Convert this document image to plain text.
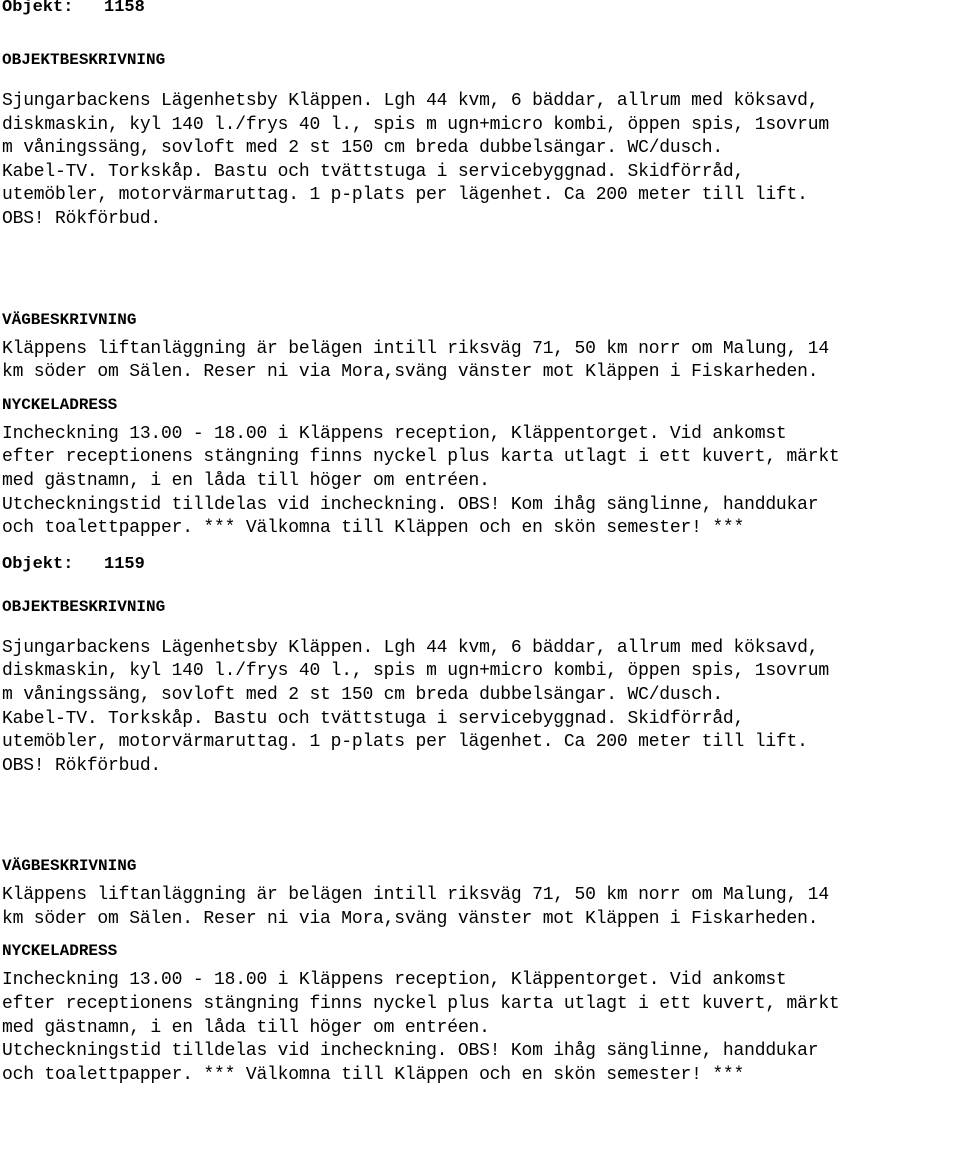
Objekt: 1158
OBJEKTBESKRIVNING
Sjungarbackens Lägenhetsby Kläppen. Lgh 44 kvm, 6 bäddar, allrum med köksavd,
diskmaskin, kyl 140 l./frys 40 l., spis m ugn+micro kombi, öppen spis, 1sovrum
m våningssäng, sovloft med 2 st 150 cm breda dubbelsängar. WC/dusch.
Kabel-TV. Torkskåp. Bastu och tvättstuga i servicebyggnad. Skidförråd,
utemöbler, motorvärmaruttag. 1 p-plats per lägenhet. Ca 200 meter till lift.
OBS! Rökförbud.
VÄGBESKRIVNING
Kläppens liftanläggning är belägen intill riksväg 71, 50 km norr om Malung, 14
km söder om Sälen. Reser ni via Mora,sväng vänster mot Kläppen i Fiskarheden.
NYCKELADRESS
Incheckning 13.00 - 18.00 i Kläppens reception, Kläppentorget. Vid ankomst
efter receptionens stängning finns nyckel plus karta utlagt i ett kuvert, märkt
med gästnamn, i en låda till höger om entréen.
Utcheckningstid tilldelas vid incheckning. OBS! Kom ihåg sänglinne, handdukar
och toalettpapper. *** Välkomna till Kläppen och en skön semester! ***
Objekt: 1159
OBJEKTBESKRIVNING
Sjungarbackens Lägenhetsby Kläppen. Lgh 44 kvm, 6 bäddar, allrum med köksavd,
diskmaskin, kyl 140 l./frys 40 l., spis m ugn+micro kombi, öppen spis, 1sovrum
m våningssäng, sovloft med 2 st 150 cm breda dubbelsängar. WC/dusch.
Kabel-TV. Torkskåp. Bastu och tvättstuga i servicebyggnad. Skidförråd,
utemöbler, motorvärmaruttag. 1 p-plats per lägenhet. Ca 200 meter till lift.
OBS! Rökförbud.
VÄGBESKRIVNING
Kläppens liftanläggning är belägen intill riksväg 71, 50 km norr om Malung, 14
km söder om Sälen. Reser ni via Mora,sväng vänster mot Kläppen i Fiskarheden.
NYCKELADRESS
Incheckning 13.00 - 18.00 i Kläppens reception, Kläppentorget. Vid ankomst
efter receptionens stängning finns nyckel plus karta utlagt i ett kuvert, märkt
med gästnamn, i en låda till höger om entréen.
Utcheckningstid tilldelas vid incheckning. OBS! Kom ihåg sänglinne, handdukar
och toalettpapper. *** Välkomna till Kläppen och en skön semester! ***
